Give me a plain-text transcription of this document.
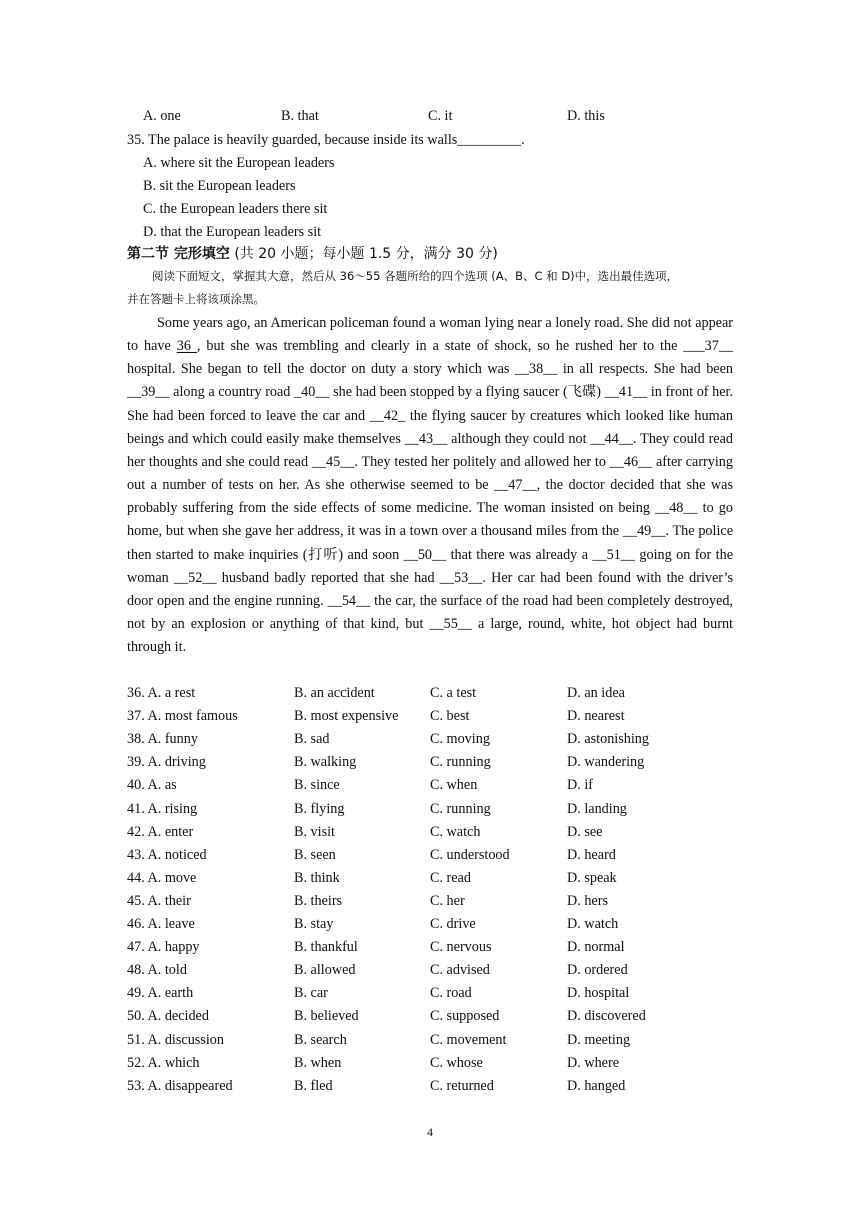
A. one	B. that	C. it	D. this
35. The palace is heavily guarded, because inside its walls_________.
A. where sit the European leaders
B. sit the European leaders
C. the European leaders there sit
D. that the European leaders sit
第二节 完形填空 (共 20 小题；每小题 1.5 分，满分 30 分)
阅读下面短文，掌握其大意，然后从 36～55 各题所给的四个选项 (A、B、C 和 D)中，选出最佳选项，
并在答题卡上将该项涂黑。

Some years ago, an American policeman found a woman lying near a lonely road. She did not appear to have 36 , but she was trembling and clearly in a state of shock, so he rushed her to the ___37__ hospital. She began to tell the doctor on duty a story which was __38__ in all respects. She had been __39__ along a country road _40__ she had been stopped by a flying saucer (飞碟) __41__ in front of her. She had been forced to leave the car and __42_ the flying saucer by creatures which looked like human beings and which could easily make themselves __43__ although they could not __44__. They could read her thoughts and she could read __45__. They tested her politely and allowed her to __46__ after carrying out a number of tests on her. As she otherwise seemed to be __47__, the doctor decided that she was probably suffering from the side effects of some medicine. The woman insisted on being __48__ to go home, but when she gave her address, it was in a town over a thousand miles from the __49__. The police then started to make inquiries (打听) and soon __50__ that there was already a __51__ going on for the woman __52__ husband badly reported that she had __53__. Her car had been found with the driver’s door open and the engine running. __54__ the car, the surface of the road had been completely destroyed, not by an explosion or anything of that kind, but __55__ a large, round, white, hot object had burnt through it.

36. A. a rest	B. an accident	C. a test	D. an idea
37. A. most famous	B. most expensive C. best	D. nearest
38. A. funny	B. sad	C. moving	D. astonishing
39. A. driving	B. walking	C. running	D. wandering
40. A. as	B. since	C. when	D. if
41. A. rising	B. flying	C. running	D. landing
42. A. enter	B. visit	C. watch	D. see
43. A. noticed	B. seen	C. understood	D. heard
44. A. move	B. think	C. read	D. speak
45. A. their	B. theirs	C. her	D. hers
46. A. leave	B. stay	C. drive	D. watch
47. A. happy	B. thankful	C. nervous	D. normal
48. A. told	B. allowed	C. advised	D. ordered
49. A. earth	B. car	C. road	D. hospital
50. A. decided	B. believed	C. supposed	D. discovered
51. A. discussion	B. search	C. movement	D. meeting
52. A. which	B. when	C. whose	D. where
53. A. disappeared	B. fled	C. returned	D. hanged
4
